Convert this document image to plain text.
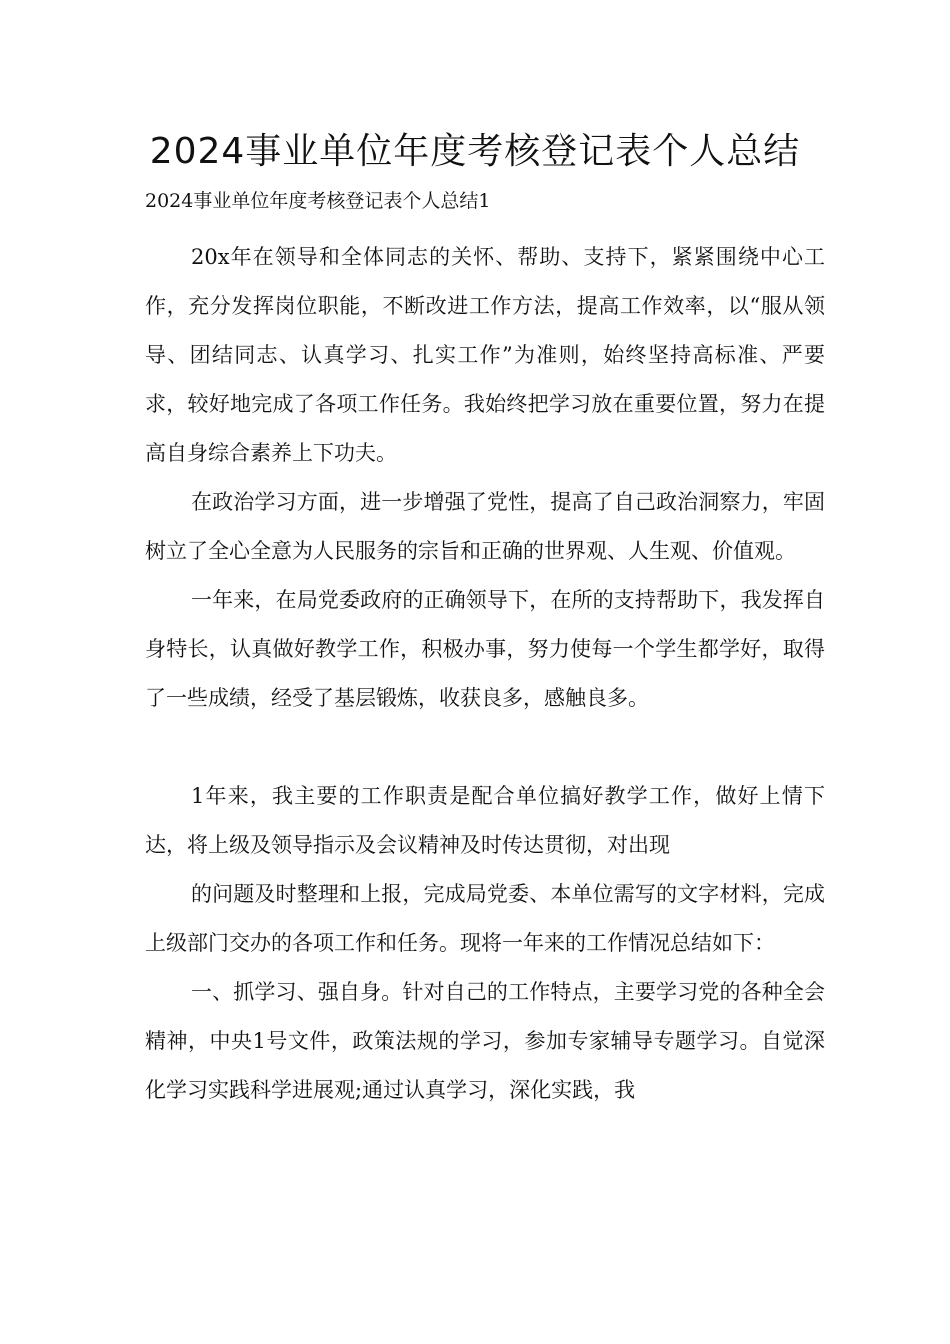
2024事业单位年度考核登记表个人总结

2024事业单位年度考核登记表个人总结1

20x年在领导和全体同志的关怀、帮助、支持下，紧紧围绕中心工作，充分发挥岗位职能，不断改进工作方法，提高工作效率，以“服从领导、团结同志、认真学习、扎实工作”为准则，始终坚持高标准、严要求，较好地完成了各项工作任务。我始终把学习放在重要位置，努力在提高自身综合素养上下功夫。

在政治学习方面，进一步增强了党性，提高了自己政治洞察力，牢固树立了全心全意为人民服务的宗旨和正确的世界观、人生观、价值观。

一年来，在局党委政府的正确领导下，在所的支持帮助下，我发挥自身特长，认真做好教学工作，积极办事，努力使每一个学生都学好，取得了一些成绩，经受了基层锻炼，收获良多，感触良多。

1年来，我主要的工作职责是配合单位搞好教学工作，做好上情下达，将上级及领导指示及会议精神及时传达贯彻，对出现

的问题及时整理和上报，完成局党委、本单位需写的文字材料，完成上级部门交办的各项工作和任务。现将一年来的工作情况总结如下：

一、抓学习、强自身。针对自己的工作特点，主要学习党的各种全会精神，中央1号文件，政策法规的学习，参加专家辅导专题学习。自觉深化学习实践科学进展观;通过认真学习，深化实践，我
